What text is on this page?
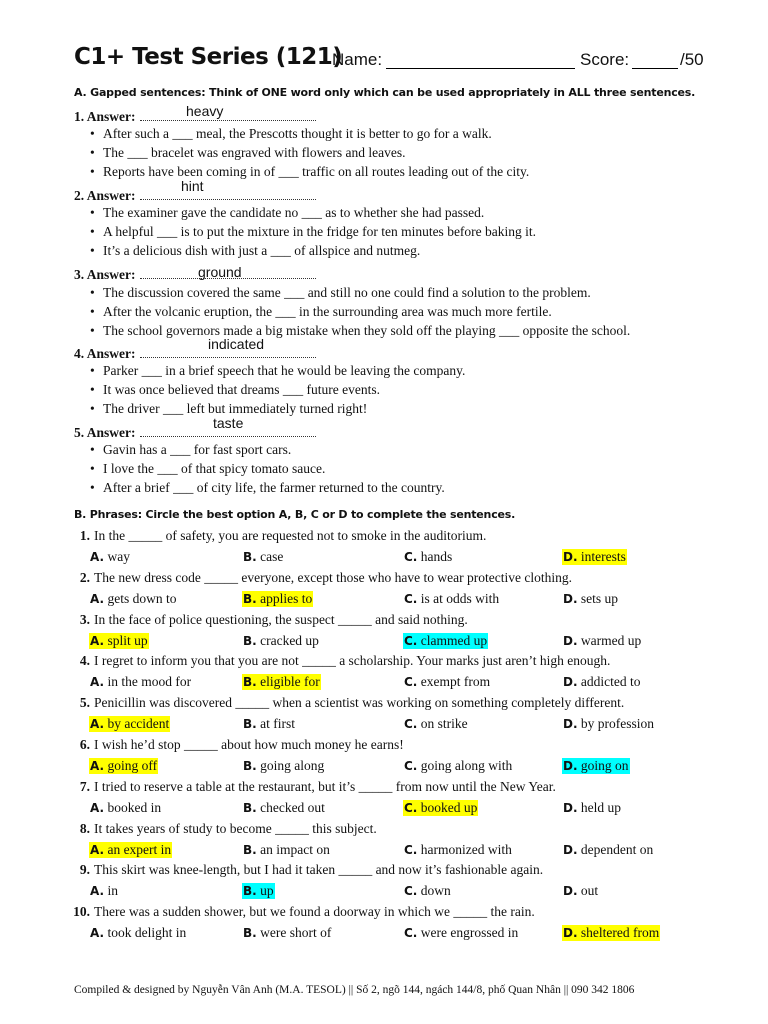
C1+ Test Series (121)
Name:	Score:	/50
A. Gapped sentences: Think of ONE word only which can be used appropriately in ALL three sentences.
1. Answer:	heavy
• After such a ___ meal, the Prescotts thought it is better to go for a walk.
• The ___ bracelet was engraved with flowers and leaves.
• Reports have been coming in of ___ traffic on all routes leading out of the city.
2. Answer:
hint
• The examiner gave the candidate no ___ as to whether she had passed.
• A helpful ___ is to put the mixture in the fridge for ten minutes before baking it.
• It’s a delicious dish with just a ___ of allspice and nutmeg.
3. Answer:	ground
• The discussion covered the same ___ and still no one could find a solution to the problem.
• After the volcanic eruption, the ___ in the surrounding area was much more fertile.
• The school governors made a big mistake when they sold off the playing ___ opposite the school.
4. Answer:
indicated
• Parker ___ in a brief speech that he would be leaving the company.
• It was once believed that dreams ___ future events.
• The driver ___ left but immediately turned right!
5. Answer:
taste
• Gavin has a ___ for fast sport cars.
• I love the ___ of that spicy tomato sauce.
• After a brief ___ of city life, the farmer returned to the country.
B. Phrases: Circle the best option A, B, C or D to complete the sentences.
1. In the _____ of safety, you are requested not to smoke in the auditorium.
A. way	B. case	C. hands	D. interests
2. The new dress code _____ everyone, except those who have to wear protective clothing.
A. gets down to	B. applies to	C. is at odds with	D. sets up
3. In the face of police questioning, the suspect _____ and said nothing.
A. split up	B. cracked up	C. clammed up	D. warmed up
4. I regret to inform you that you are not _____ a scholarship. Your marks just aren’t high enough.
A. in the mood for	B. eligible for	C. exempt from	D. addicted to
5. Penicillin was discovered _____ when a scientist was working on something completely different.
A. by accident	B. at first	C. on strike	D. by profession
6. I wish he’d stop _____ about how much money he earns!
A. going off	B. going along	C. going along with	D. going on
7. I tried to reserve a table at the restaurant, but it’s _____ from now until the New Year.
A. booked in	B. checked out	C. booked up	D. held up
8. It takes years of study to become _____ this subject.
A. an expert in	B. an impact on	C. harmonized with	D. dependent on
9. This skirt was knee-length, but I had it taken _____ and now it’s fashionable again.
A. in	B. up	C. down	D. out
10. There was a sudden shower, but we found a doorway in which we _____ the rain.
A. took delight in	B. were short of	C. were engrossed in	D. sheltered from
Compiled & designed by Nguyễn Vân Anh (M.A. TESOL) || Số 2, ngõ 144, ngách 144/8, phố Quan Nhân || 090 342 1806
